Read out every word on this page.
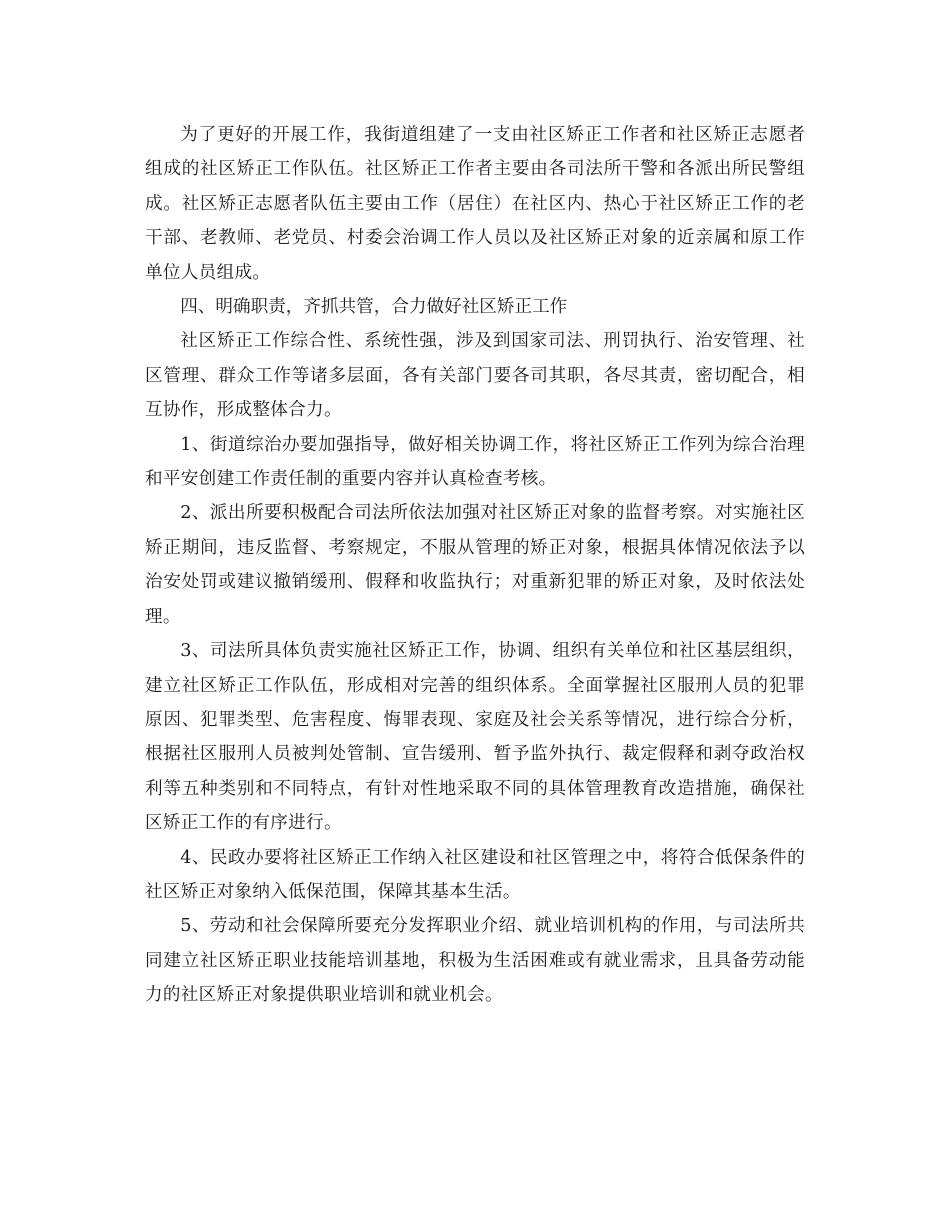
为了更好的开展工作，我街道组建了一支由社区矫正工作者和社区矫正志愿者组成的社区矫正工作队伍。社区矫正工作者主要由各司法所干警和各派出所民警组成。社区矫正志愿者队伍主要由工作（居住）在社区内、热心于社区矫正工作的老干部、老教师、老党员、村委会治调工作人员以及社区矫正对象的近亲属和原工作单位人员组成。

四、明确职责，齐抓共管，合力做好社区矫正工作

社区矫正工作综合性、系统性强，涉及到国家司法、刑罚执行、治安管理、社区管理、群众工作等诸多层面，各有关部门要各司其职，各尽其责，密切配合，相互协作，形成整体合力。

1、街道综治办要加强指导，做好相关协调工作，将社区矫正工作列为综合治理和平安创建工作责任制的重要内容并认真检查考核。

2、派出所要积极配合司法所依法加强对社区矫正对象的监督考察。对实施社区矫正期间，违反监督、考察规定，不服从管理的矫正对象，根据具体情况依法予以治安处罚或建议撤销缓刑、假释和收监执行；对重新犯罪的矫正对象，及时依法处理。

3、司法所具体负责实施社区矫正工作，协调、组织有关单位和社区基层组织，建立社区矫正工作队伍，形成相对完善的组织体系。全面掌握社区服刑人员的犯罪原因、犯罪类型、危害程度、悔罪表现、家庭及社会关系等情况，进行综合分析，根据社区服刑人员被判处管制、宣告缓刑、暂予监外执行、裁定假释和剥夺政治权利等五种类别和不同特点，有针对性地采取不同的具体管理教育改造措施，确保社区矫正工作的有序进行。

4、民政办要将社区矫正工作纳入社区建设和社区管理之中，将符合低保条件的社区矫正对象纳入低保范围，保障其基本生活。

5、劳动和社会保障所要充分发挥职业介绍、就业培训机构的作用，与司法所共同建立社区矫正职业技能培训基地，积极为生活困难或有就业需求，且具备劳动能力的社区矫正对象提供职业培训和就业机会。
